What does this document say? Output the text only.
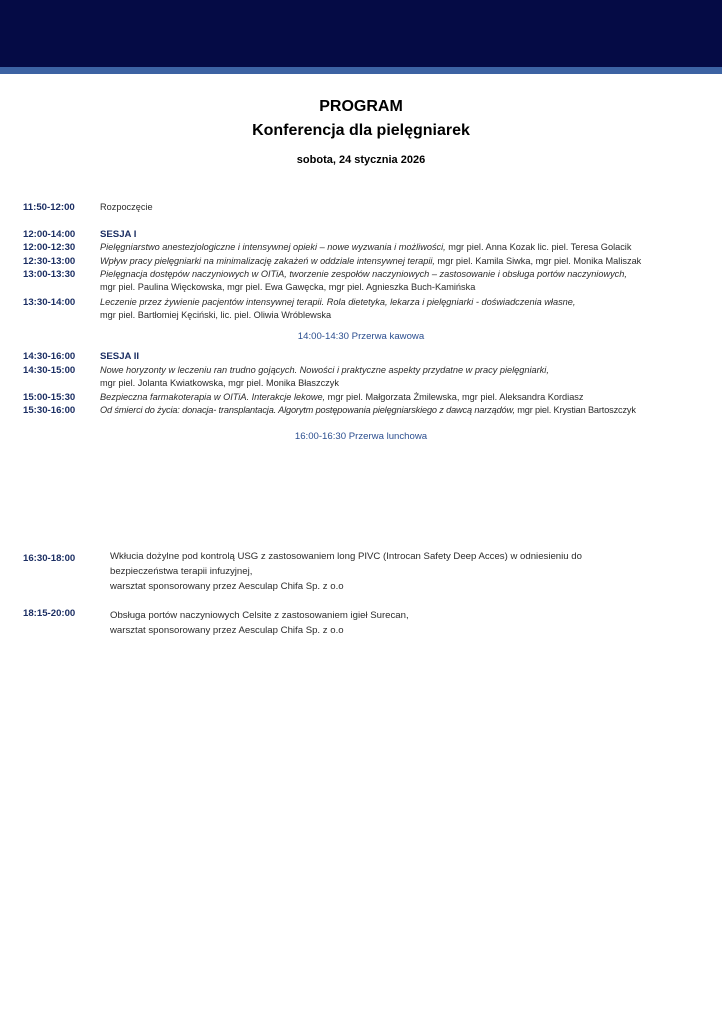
PROGRAM
Konferencja dla pielęgniarek
sobota, 24 stycznia 2026
11:50-12:00	Rozpoczęcie
12:00-14:00	SESJA I
12:00-12:30	Pielęgniarstwo anestezjologiczne i intensywnej opieki – nowe wyzwania i możliwości, mgr piel. Anna Kozak lic. piel. Teresa Golacik
12:30-13:00	Wpływ pracy pielęgniarki na minimalizację zakażeń w oddziale intensywnej terapii, mgr piel. Kamila Siwka, mgr piel. Monika Maliszak
13:00-13:30	Pielęgnacja dostępów naczyniowych w OITiA, tworzenie zespołów naczyniowych – zastosowanie i obsługa portów naczyniowych,
mgr piel. Paulina Więckowska, mgr piel. Ewa Gawęcka, mgr piel. Agnieszka Buch-Kamińska
13:30-14:00	Leczenie przez żywienie pacjentów intensywnej terapii. Rola dietetyka, lekarza i pielęgniarki - doświadczenia własne,
mgr piel. Bartłomiej Kęciński, lic. piel. Oliwia Wróblewska
14:00-14:30 Przerwa kawowa
14:30-16:00	SESJA II
14:30-15:00	Nowe horyzonty w leczeniu ran trudno gojących. Nowości i praktyczne aspekty przydatne w pracy pielęgniarki,
mgr piel. Jolanta Kwiatkowska, mgr piel. Monika Błaszczyk
15:00-15:30	Bezpieczna farmakoterapia w OITiA. Interakcje lekowe, mgr piel. Małgorzata Żmilewska, mgr piel. Aleksandra Kordiasz
15:30-16:00	Od śmierci do życia: donacja- transplantacja. Algorytm postępowania pielęgniarskiego z dawcą narządów, mgr piel. Krystian Bartoszczyk
16:00-16:30 Przerwa lunchowa
16:30-18:00	Wkłucia dożylne pod kontrolą USG z zastosowaniem long PIVC (Introcan Safety Deep Acces) w odniesieniu do
bezpieczeństwa terapii infuzyjnej,
warsztat sponsorowany przez Aesculap Chifa Sp. z o.o
18:15-20:00	Obsługa portów naczyniowych Celsite z zastosowaniem igieł Surecan,
warsztat sponsorowany przez Aesculap Chifa Sp. z o.o
